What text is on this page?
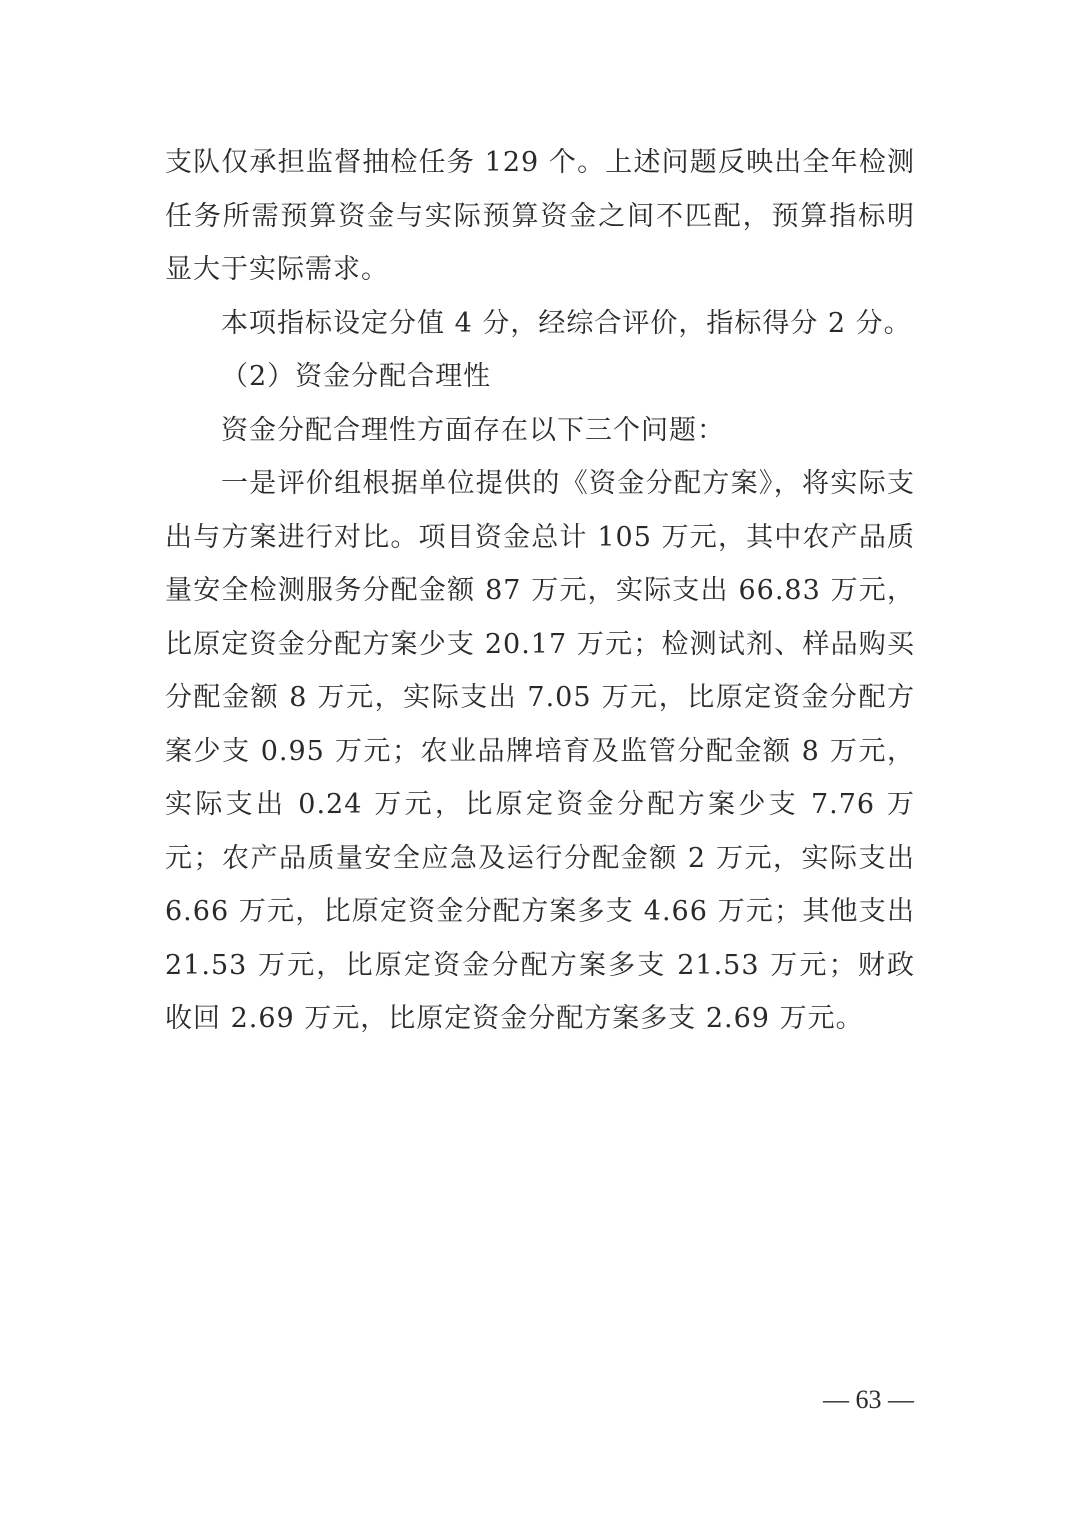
支队仅承担监督抽检任务 129 个。上述问题反映出全年检测任务所需预算资金与实际预算资金之间不匹配，预算指标明显大于实际需求。

本项指标设定分值 4 分，经综合评价，指标得分 2 分。

（2）资金分配合理性

资金分配合理性方面存在以下三个问题：

一是评价组根据单位提供的《资金分配方案》，将实际支出与方案进行对比。项目资金总计 105 万元，其中农产品质量安全检测服务分配金额 87 万元，实际支出 66.83 万元，比原定资金分配方案少支 20.17 万元；检测试剂、样品购买分配金额 8 万元，实际支出 7.05 万元，比原定资金分配方案少支 0.95 万元；农业品牌培育及监管分配金额 8 万元，实际支出 0.24 万元，比原定资金分配方案少支 7.76 万元；农产品质量安全应急及运行分配金额 2 万元，实际支出 6.66 万元，比原定资金分配方案多支 4.66 万元；其他支出 21.53 万元，比原定资金分配方案多支 21.53 万元；财政收回 2.69 万元，比原定资金分配方案多支 2.69 万元。

— 63 —
